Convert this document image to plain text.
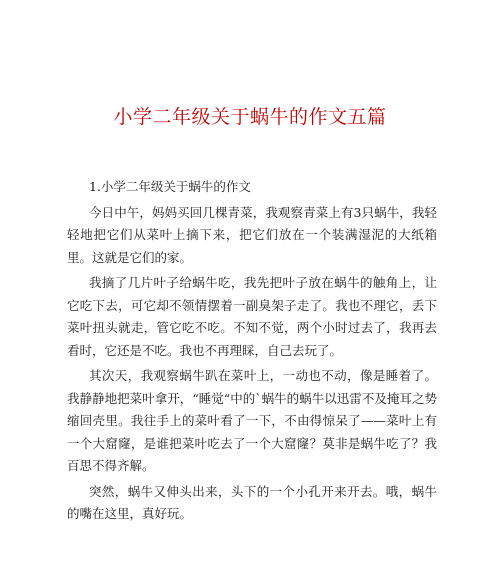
小学二年级关于蜗牛的作文五篇

1.小学二年级关于蜗牛的作文

今日中午，妈妈买回几棵青菜，我观察青菜上有3只蜗牛，我轻轻地把它们从菜叶上摘下来，把它们放在一个装满湿泥的大纸箱里。这就是它们的家。

我摘了几片叶子给蜗牛吃，我先把叶子放在蜗牛的触角上，让它吃下去，可它却不领情摆着一副臭架子走了。我也不理它，丢下菜叶扭头就走，管它吃不吃。不知不觉，两个小时过去了，我再去看时，它还是不吃。我也不再理睬，自己去玩了。

其次天，我观察蜗牛趴在菜叶上，一动也不动，像是睡着了。我静静地把菜叶拿开，“睡觉“中的`蜗牛的蜗牛以迅雷不及掩耳之势缩回壳里。我往手上的菜叶看了一下，不由得惊呆了——菜叶上有一个大窟窿，是谁把菜叶吃去了一个大窟窿？莫非是蜗牛吃了？我百思不得齐解。

突然，蜗牛又伸头出来，头下的一个小孔开来开去。哦，蜗牛的嘴在这里，真好玩。
